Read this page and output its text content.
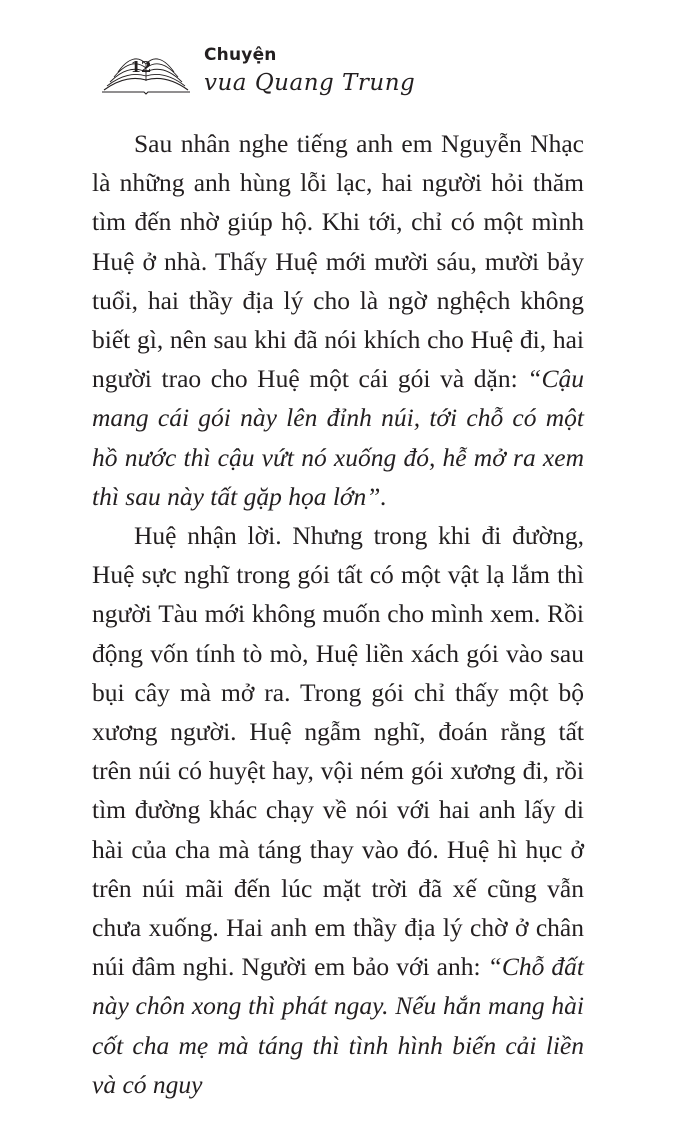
12
Chuyện
vua Quang Trung

Sau nhân nghe tiếng anh em Nguyễn Nhạc là những anh hùng lỗi lạc, hai người hỏi thăm tìm đến nhờ giúp hộ. Khi tới, chỉ có một mình Huệ ở nhà. Thấy Huệ mới mười sáu, mười bảy tuổi, hai thầy địa lý cho là ngờ nghệch không biết gì, nên sau khi đã nói khích cho Huệ đi, hai người trao cho Huệ một cái gói và dặn: “Cậu mang cái gói này lên đỉnh núi, tới chỗ có một hồ nước thì cậu vứt nó xuống đó, hễ mở ra xem thì sau này tất gặp họa lớn”.

Huệ nhận lời. Nhưng trong khi đi đường, Huệ sực nghĩ trong gói tất có một vật lạ lắm thì người Tàu mới không muốn cho mình xem. Rồi động vốn tính tò mò, Huệ liền xách gói vào sau bụi cây mà mở ra. Trong gói chỉ thấy một bộ xương người. Huệ ngẫm nghĩ, đoán rằng tất trên núi có huyệt hay, vội ném gói xương đi, rồi tìm đường khác chạy về nói với hai anh lấy di hài của cha mà táng thay vào đó. Huệ hì hục ở trên núi mãi đến lúc mặt trời đã xế cũng vẫn chưa xuống. Hai anh em thầy địa lý chờ ở chân núi đâm nghi. Người em bảo với anh: “Chỗ đất này chôn xong thì phát ngay. Nếu hắn mang hài cốt cha mẹ mà táng thì tình hình biến cải liền và có nguy
